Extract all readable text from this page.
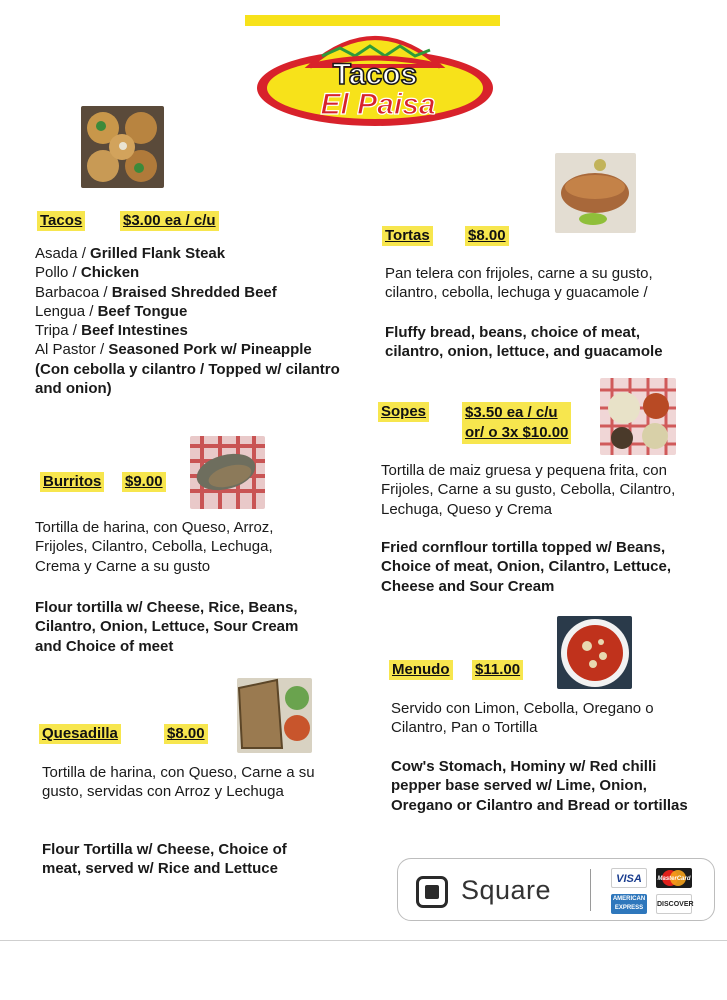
Tacos
El Paisa
Tacos	$3.00 ea / c/u
Asada / Grilled Flank Steak
Pollo / Chicken
Barbacoa / Braised Shredded Beef
Lengua / Beef Tongue
Tripa / Beef Intestines
Al Pastor / Seasoned Pork w/ Pineapple
(Con cebolla y cilantro / Topped w/ cilantro and onion)
Burritos $9.00
Tortilla de harina, con Queso, Arroz, Frijoles, Cilantro, Cebolla, Lechuga, Crema y Carne a su gusto
Flour tortilla w/ Cheese, Rice, Beans, Cilantro, Onion, Lettuce, Sour Cream and Choice of meet
Quesadilla	$8.00
Tortilla de harina, con Queso, Carne a su gusto, servidas con Arroz y Lechuga
Flour Tortilla w/ Cheese, Choice of meat, served w/ Rice and Lettuce
Tortas	$8.00
Pan telera con frijoles, carne a su gusto, cilantro, cebolla, lechuga y guacamole /
Fluffy bread, beans, choice of meat, cilantro, onion, lettuce, and guacamole
Sopes	$3.50 ea / c/u
or/ o 3x $10.00
Tortilla de maiz gruesa y pequena frita, con Frijoles, Carne a su gusto, Cebolla, Cilantro, Lechuga, Queso y Crema
Fried cornflour tortilla topped w/ Beans, Choice of meat, Onion, Cilantro, Lettuce, Cheese and Sour Cream
Menudo $11.00
Servido con Limon, Cebolla, Oregano o Cilantro, Pan o Tortilla
Cow's Stomach, Hominy w/ Red chilli pepper base served w/ Lime, Onion, Oregano or Cilantro and Bread or tortillas
Square	VISA	MasterCard
AMERICAN EXPRESS	DISCOVER
